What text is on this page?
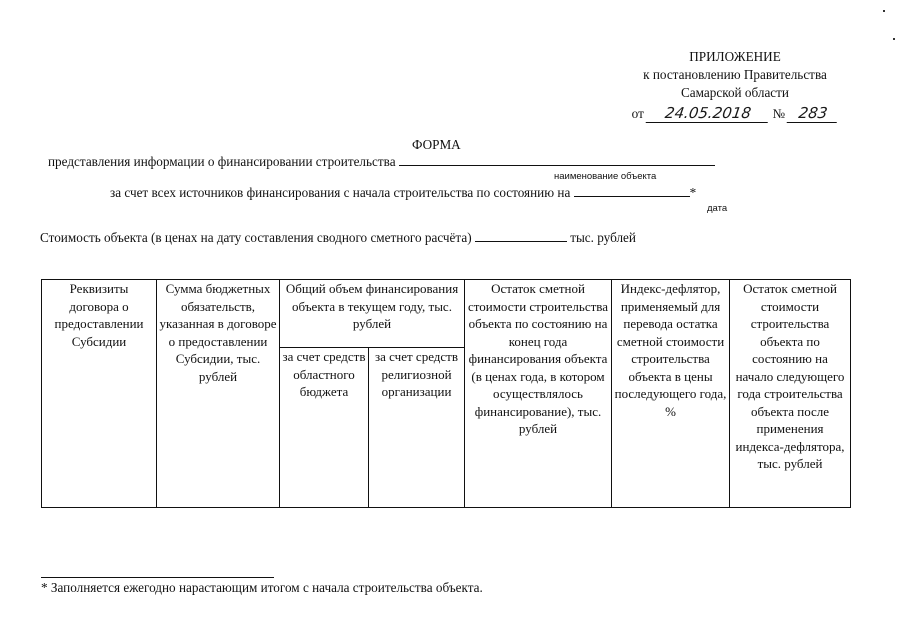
ПРИЛОЖЕНИЕ
к постановлению Правительства
Самарской области
от 24.05.2018 № 283
ФОРМА
представления информации о финансировании строительства
наименование объекта
за счет всех источников финансирования с начала строительства по состоянию на	*
дата
Стоимость объекта (в ценах на дату составления сводного сметного расчёта)	тыс. рублей
Реквизиты договора о предоставлении Субсидии	Сумма бюджетных обязательств, указанная в договоре о предоставлении Субсидии, тыс. рублей	Общий объем финансирования объекта в текущем году, тыс. рублей		Остаток сметной стоимости строительства объекта по состоянию на конец года финансирования объекта (в ценах года, в котором осуществлялось финансирование), тыс. рублей	Индекс-дефлятор, применяемый для перевода остатка сметной стоимости строительства объекта в цены последующего года, %	Остаток сметной стоимости строительства объекта по состоянию на начало следующего года строительства объекта после применения индекса-дефлятора, тыс. рублей
		за счет средств областного бюджета	за счет средств религиозной организации			
* Заполняется ежегодно нарастающим итогом с начала строительства объекта.
